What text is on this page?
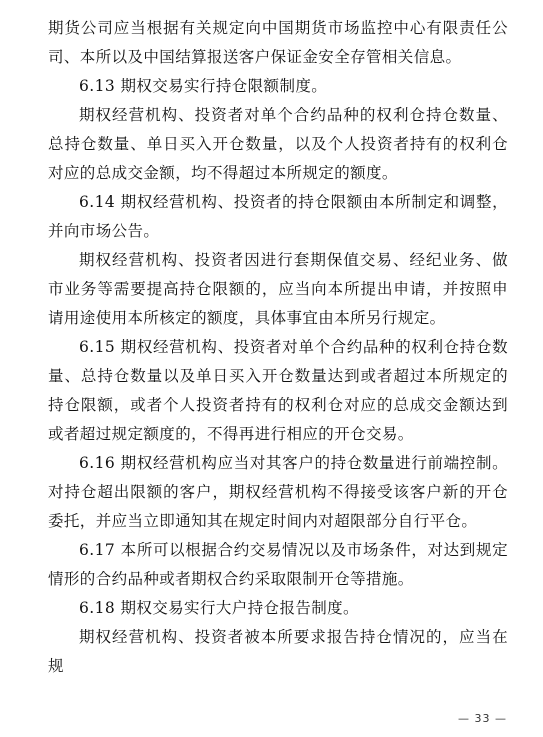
期货公司应当根据有关规定向中国期货市场监控中心有限责任公司、本所以及中国结算报送客户保证金安全存管相关信息。

6.13 期权交易实行持仓限额制度。

期权经营机构、投资者对单个合约品种的权利仓持仓数量、总持仓数量、单日买入开仓数量，以及个人投资者持有的权利仓对应的总成交金额，均不得超过本所规定的额度。

6.14 期权经营机构、投资者的持仓限额由本所制定和调整，并向市场公告。

期权经营机构、投资者因进行套期保值交易、经纪业务、做市业务等需要提高持仓限额的，应当向本所提出申请，并按照申请用途使用本所核定的额度，具体事宜由本所另行规定。

6.15 期权经营机构、投资者对单个合约品种的权利仓持仓数量、总持仓数量以及单日买入开仓数量达到或者超过本所规定的持仓限额，或者个人投资者持有的权利仓对应的总成交金额达到或者超过规定额度的，不得再进行相应的开仓交易。

6.16 期权经营机构应当对其客户的持仓数量进行前端控制。对持仓超出限额的客户，期权经营机构不得接受该客户新的开仓委托，并应当立即通知其在规定时间内对超限部分自行平仓。

6.17 本所可以根据合约交易情况以及市场条件，对达到规定情形的合约品种或者期权合约采取限制开仓等措施。

6.18 期权交易实行大户持仓报告制度。

期权经营机构、投资者被本所要求报告持仓情况的，应当在规

— 33 —
